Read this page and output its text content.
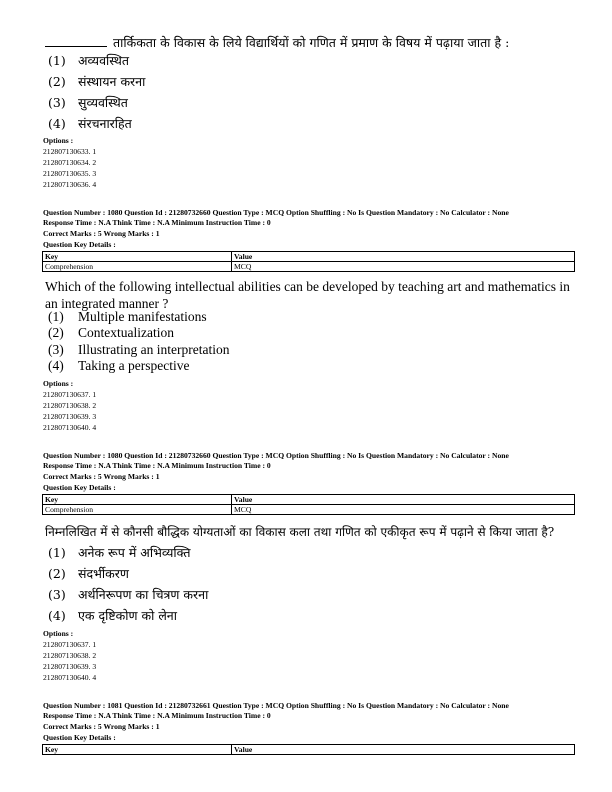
तार्किकता के विकास के लिये विद्यार्थियों को गणित में प्रमाण के विषय में पढ़ाया जाता है :
(1) अव्यवस्थित
(2) संस्थायन करना
(3) सुव्यवस्थित
(4) संरचनारहित
Options :
212807130633. 1
212807130634. 2
212807130635. 3
212807130636. 4
Question Number : 1080 Question Id : 21280732660 Question Type : MCQ Option Shuffling : No Is Question Mandatory : No Calculator : None
Response Time : N.A Think Time : N.A Minimum Instruction Time : 0
Correct Marks : 5 Wrong Marks : 1
Question Key Details :
Key	Value
Comprehension	MCQ
Which of the following intellectual abilities can be developed by teaching art and mathematics in an integrated manner ?
(1) Multiple manifestations
(2) Contextualization
(3) Illustrating an interpretation
(4) Taking a perspective
Options :
212807130637. 1
212807130638. 2
212807130639. 3
212807130640. 4
Question Number : 1080 Question Id : 21280732660 Question Type : MCQ Option Shuffling : No Is Question Mandatory : No Calculator : None
Response Time : N.A Think Time : N.A Minimum Instruction Time : 0
Correct Marks : 5 Wrong Marks : 1
Question Key Details :
Key	Value
Comprehension	MCQ
निम्नलिखित में से कौनसी बौद्धिक योग्यताओं का विकास कला तथा गणित को एकीकृत रूप में पढ़ाने से किया जाता है?
(1) अनेक रूप में अभिव्यक्ति
(2) संदर्भीकरण
(3) अर्थनिरूपण का चित्रण करना
(4) एक दृष्टिकोण को लेना
Options :
212807130637. 1
212807130638. 2
212807130639. 3
212807130640. 4
Question Number : 1081 Question Id : 21280732661 Question Type : MCQ Option Shuffling : No Is Question Mandatory : No Calculator : None
Response Time : N.A Think Time : N.A Minimum Instruction Time : 0
Correct Marks : 5 Wrong Marks : 1
Question Key Details :
Key	Value
